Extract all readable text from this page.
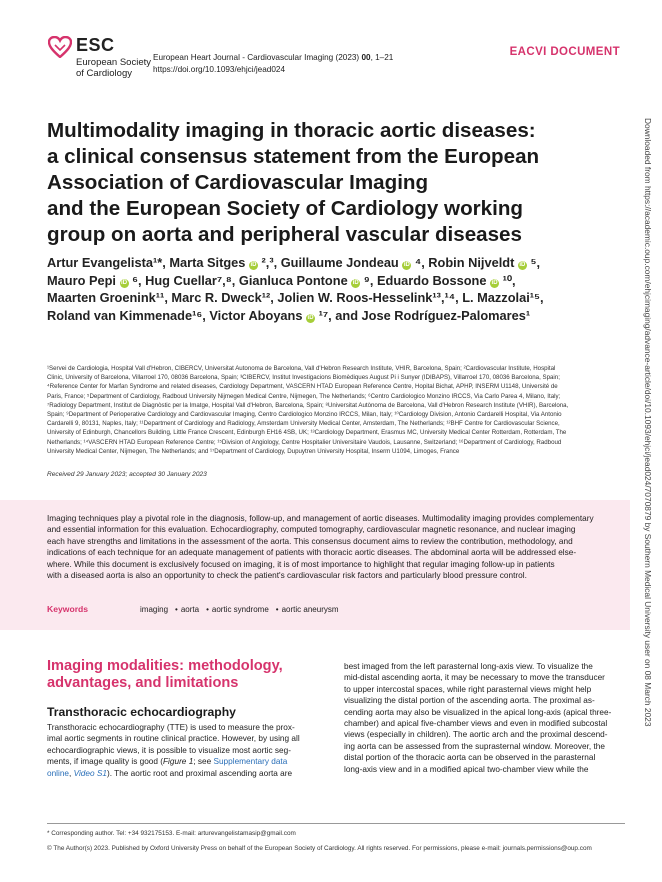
ESC
European Society
of Cardiology
European Heart Journal - Cardiovascular Imaging (2023) 00, 1–21
https://doi.org/10.1093/ehjci/jead024
EACVI DOCUMENT
Multimodality imaging in thoracic aortic diseases:
a clinical consensus statement from the European
Association of Cardiovascular Imaging
and the European Society of Cardiology working
group on aorta and peripheral vascular diseases
Artur Evangelista¹*, Marta Sitges iD ²,³, Guillaume Jondeau iD ⁴, Robin Nijveldt iD ⁵,
Mauro Pepi iD ⁶, Hug Cuellar⁷,⁸, Gianluca Pontone iD ⁹, Eduardo Bossone iD ¹⁰,
Maarten Groenink¹¹, Marc R. Dweck¹², Jolien W. Roos-Hesselink¹³,¹⁴, L. Mazzolai¹⁵,
Roland van Kimmenade¹⁶, Victor Aboyans iD ¹⁷, and Jose Rodríguez-Palomares¹
¹Servei de Cardiologia, Hospital Vall d'Hebron, CIBERCV, Universitat Autonoma de Barcelona, Vall d'Hebron Research Institute, VHIR, Barcelona, Spain; ²Cardiovascular Institute, Hospital
Clinic, University of Barcelona, Villarroel 170, 08036 Barcelona, Spain; ³CIBERCV, Institut Investigacions Biomèdiques August Pi i Sunyer (IDIBAPS), Villarroel 170, 08036 Barcelona, Spain;
⁴Reference Center for Marfan Syndrome and related diseases, Cardiology Department, VASCERN HTAD European Reference Centre, Hopital Bichat, APHP, INSERM U1148, Université de
Paris, France; ⁵Department of Cardiology, Radboud University Nijmegen Medical Centre, Nijmegen, The Netherlands; ⁶Centro Cardiologico Monzino IRCCS, Via Carlo Parea 4, Milano, Italy;
⁷Radiology Department, Institut de Diagnòstic per la Imatge, Hospital Vall d'Hebron, Barcelona, Spain; ⁸Universitat Autònoma de Barcelona, Vall d'Hebron Research Institute (VHIR), Barcelona,
Spain; ⁹Department of Perioperative Cardiology and Cardiovascular Imaging, Centro Cardiologico Monzino IRCCS, Milan, Italy; ¹⁰Cardiology Division, Antonio Cardarelli Hospital, Via Antonio
Cardarelli 9, 80131, Naples, Italy; ¹¹Department of Cardiology and Radiology, Amsterdam University Medical Center, Amsterdam, The Netherlands; ¹²BHF Centre for Cardiovascular Science,
University of Edinburgh, Chancellors Building, Little France Crescent, Edinburgh EH16 4SB, UK; ¹³Cardiology Department, Erasmus MC, University Medical Center Rotterdam, Rotterdam, The
Netherlands; ¹⁴VASCERN HTAD European Reference Centre; ¹⁵Division of Angiology, Centre Hospitalier Universitaire Vaudois, Lausanne, Switzerland; ¹⁶Department of Cardiology, Radboud
University Medical Center, Nijmegen, The Netherlands; and ¹⁷Department of Cardiology, Dupuytren University Hospital, Inserm U1094, Limoges, France
Received 29 January 2023; accepted 30 January 2023
Imaging techniques play a pivotal role in the diagnosis, follow-up, and management of aortic diseases. Multimodality imaging provides complementary
and essential information for this evaluation. Echocardiography, computed tomography, cardiovascular magnetic resonance, and nuclear imaging
each have strengths and limitations in the assessment of the aorta. This consensus document aims to review the contribution, methodology, and
indications of each technique for an adequate management of patients with thoracic aortic diseases. The abdominal aorta will be addressed else-
where. While this document is exclusively focused on imaging, it is of most importance to highlight that regular imaging follow-up in patients
with a diseased aorta is also an opportunity to check the patient's cardiovascular risk factors and particularly blood pressure control.
Keywords	imaging • aorta • aortic syndrome • aortic aneurysm
Imaging modalities: methodology,
advantages, and limitations
Transthoracic echocardiography
Transthoracic echocardiography (TTE) is used to measure the prox-
imal aortic segments in routine clinical practice. However, by using all
echocardiographic views, it is possible to visualize most aortic seg-
ments, if image quality is good (Figure 1; see Supplementary data
online, Video S1). The aortic root and proximal ascending aorta are
best imaged from the left parasternal long-axis view. To visualize the
mid-distal ascending aorta, it may be necessary to move the transducer
to upper intercostal spaces, while right parasternal views might help
visualizing the distal portion of the ascending aorta. The proximal as-
cending aorta may also be visualized in the apical long-axis (apical three-
chamber) and apical five-chamber views and even in modified subcostal
views (especially in children). The aortic arch and the proximal descend-
ing aorta can be assessed from the suprasternal window. Moreover, the
distal portion of the thoracic aorta can be observed in the parasternal
long-axis view and in a modified apical two-chamber view while the
* Corresponding author. Tel: +34 932175153. E-mail: arturevangelistamasip@gmail.com
© The Author(s) 2023. Published by Oxford University Press on behalf of the European Society of Cardiology. All rights reserved. For permissions, please e-mail: journals.permissions@oup.com
Downloaded from https://academic.oup.com/ehjcimaging/advance-article/doi/10.1093/ehjci/jead024/7070879 by Southern Medical University user on 08 March 2023
